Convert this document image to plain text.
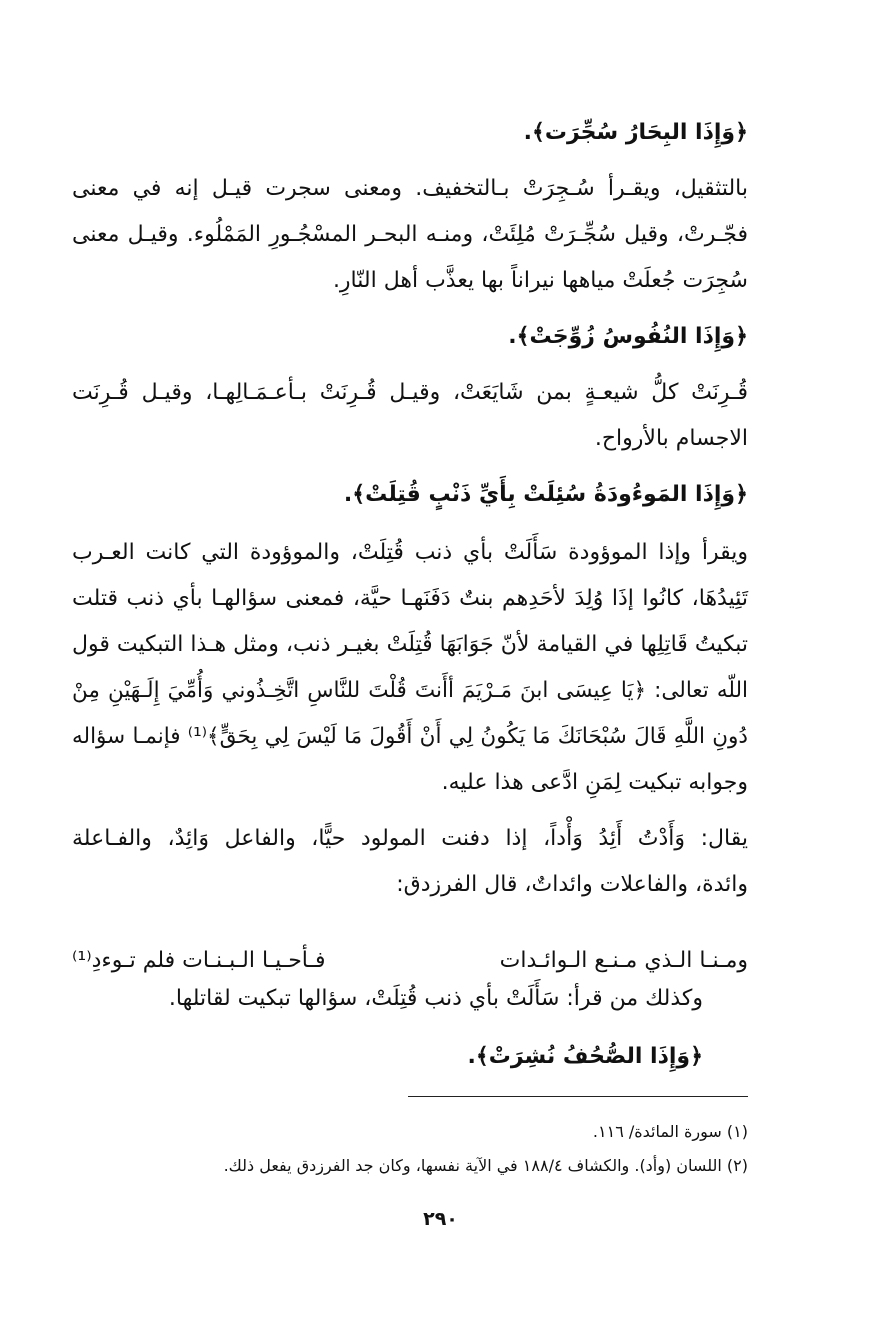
﴿وَإِذَا البِحَارُ سُجِّرَت﴾.

بالتثقيل، ويقـرأ سُـجِرَتْ بـالتخفيف. ومعنى سجرت قيـل إنه في معنى

فجّـرتْ، وقيل سُجِّـرَتْ مُلِئَتْ، ومنـه البحـر المسْجُـورِ المَمْلُوء. وقيـل معنى

سُجِرَت جُعلَتْ مياهها نيراناً بها يعذَّب أهل النّارِ.

﴿وَإِذَا النُفُوسُ زُوِّجَتْ﴾.

قُـرِنَتْ كلُّ شيعـةٍ بمن شَايَعَتْ، وقيـل قُـرِنَتْ بـأعـمَـالِهـا، وقيـل قُـرِنَت

الاجسام بالأرواح.

﴿وَإِذَا المَوءُودَةُ سُئِلَتْ بِأَيِّ ذَنْبٍ قُتِلَتْ﴾.

ويقرأ وإذا الموؤودة سَأَلَتْ بأي ذنب قُتِلَتْ، والموؤودة التي كانت العـرب

تَئِيدُهَا، كانُوا إذَا وُلِدَ لأحَدِهم بنتٌ دَفَنَهـا حيَّة، فمعنى سؤالهـا بأي ذنب قتلت

تبكيتُ قَاتِلِها في القيامة لأنّ جَوَابَهَا قُتِلَتْ بغيـر ذنب، ومثل هـذا التبكيت قول

اللّه تعالى: ﴿يَا عِيسَى ابنَ مَـرْيَمَ أأَنتَ قُلْتَ للنَّاسِ اتَّخِـذُوني وَأُمِّيَ إِلَـهَيْنِ مِنْ

دُونِ اللَّهِ قَالَ سُبْحَانَكَ مَا يَكُونُ لِي أَنْ أَقُولَ مَا لَيْسَ لِي بِحَقٍّ﴾⁽¹⁾ فإنمـا سؤاله

وجوابه تبكيت لِمَنِ ادَّعى هذا عليه.

يقال: وَأَدْتُ أَئِدُ وَأْداً، إذا دفنت المولود حيًّا، والفاعل وَائِدٌ، والفـاعلة

وائدة، والفاعلات وائداتٌ، قال الفرزدق:

ومـنـا الـذي مـنـع الـوائـدات

فـأحـيـا الـبـنـات فلم تـوءدِ⁽¹⁾

وكذلك من قرأ: سَأَلَتْ بأي ذنب قُتِلَتْ، سؤالها تبكيت لقاتلها.

﴿وَإِذَا الصُّحُفُ نُشِرَتْ﴾.

(١) سورة المائدة/ ١١٦.

(٢) اللسان (وأد). والكشاف ١٨٨/٤ في الآية نفسها، وكان جد الفرزدق يفعل ذلك.

٢٩٠
